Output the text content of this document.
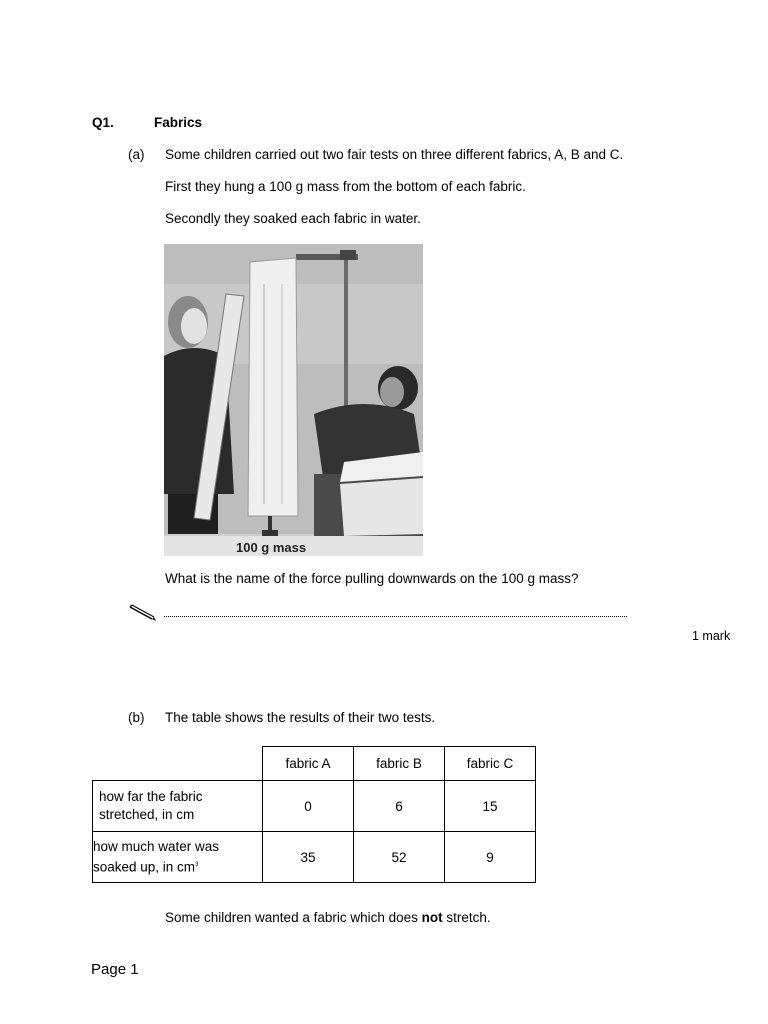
Q1.	Fabrics
(a) Some children carried out two fair tests on three different fabrics, A, B and C.
First they hung a 100 g mass from the bottom of each fabric.
Secondly they soaked each fabric in water.
100 g mass
What is the name of the force pulling downwards on the 100 g mass?
1 mark
(b) The table shows the results of their two tests.
	fabric A	fabric B	fabric C
how far the fabric
stretched, in cm	0	6	15
how much water was
soaked up, in $cm^3$	35	52	9
Some children wanted a fabric which does not stretch.
Page 1
